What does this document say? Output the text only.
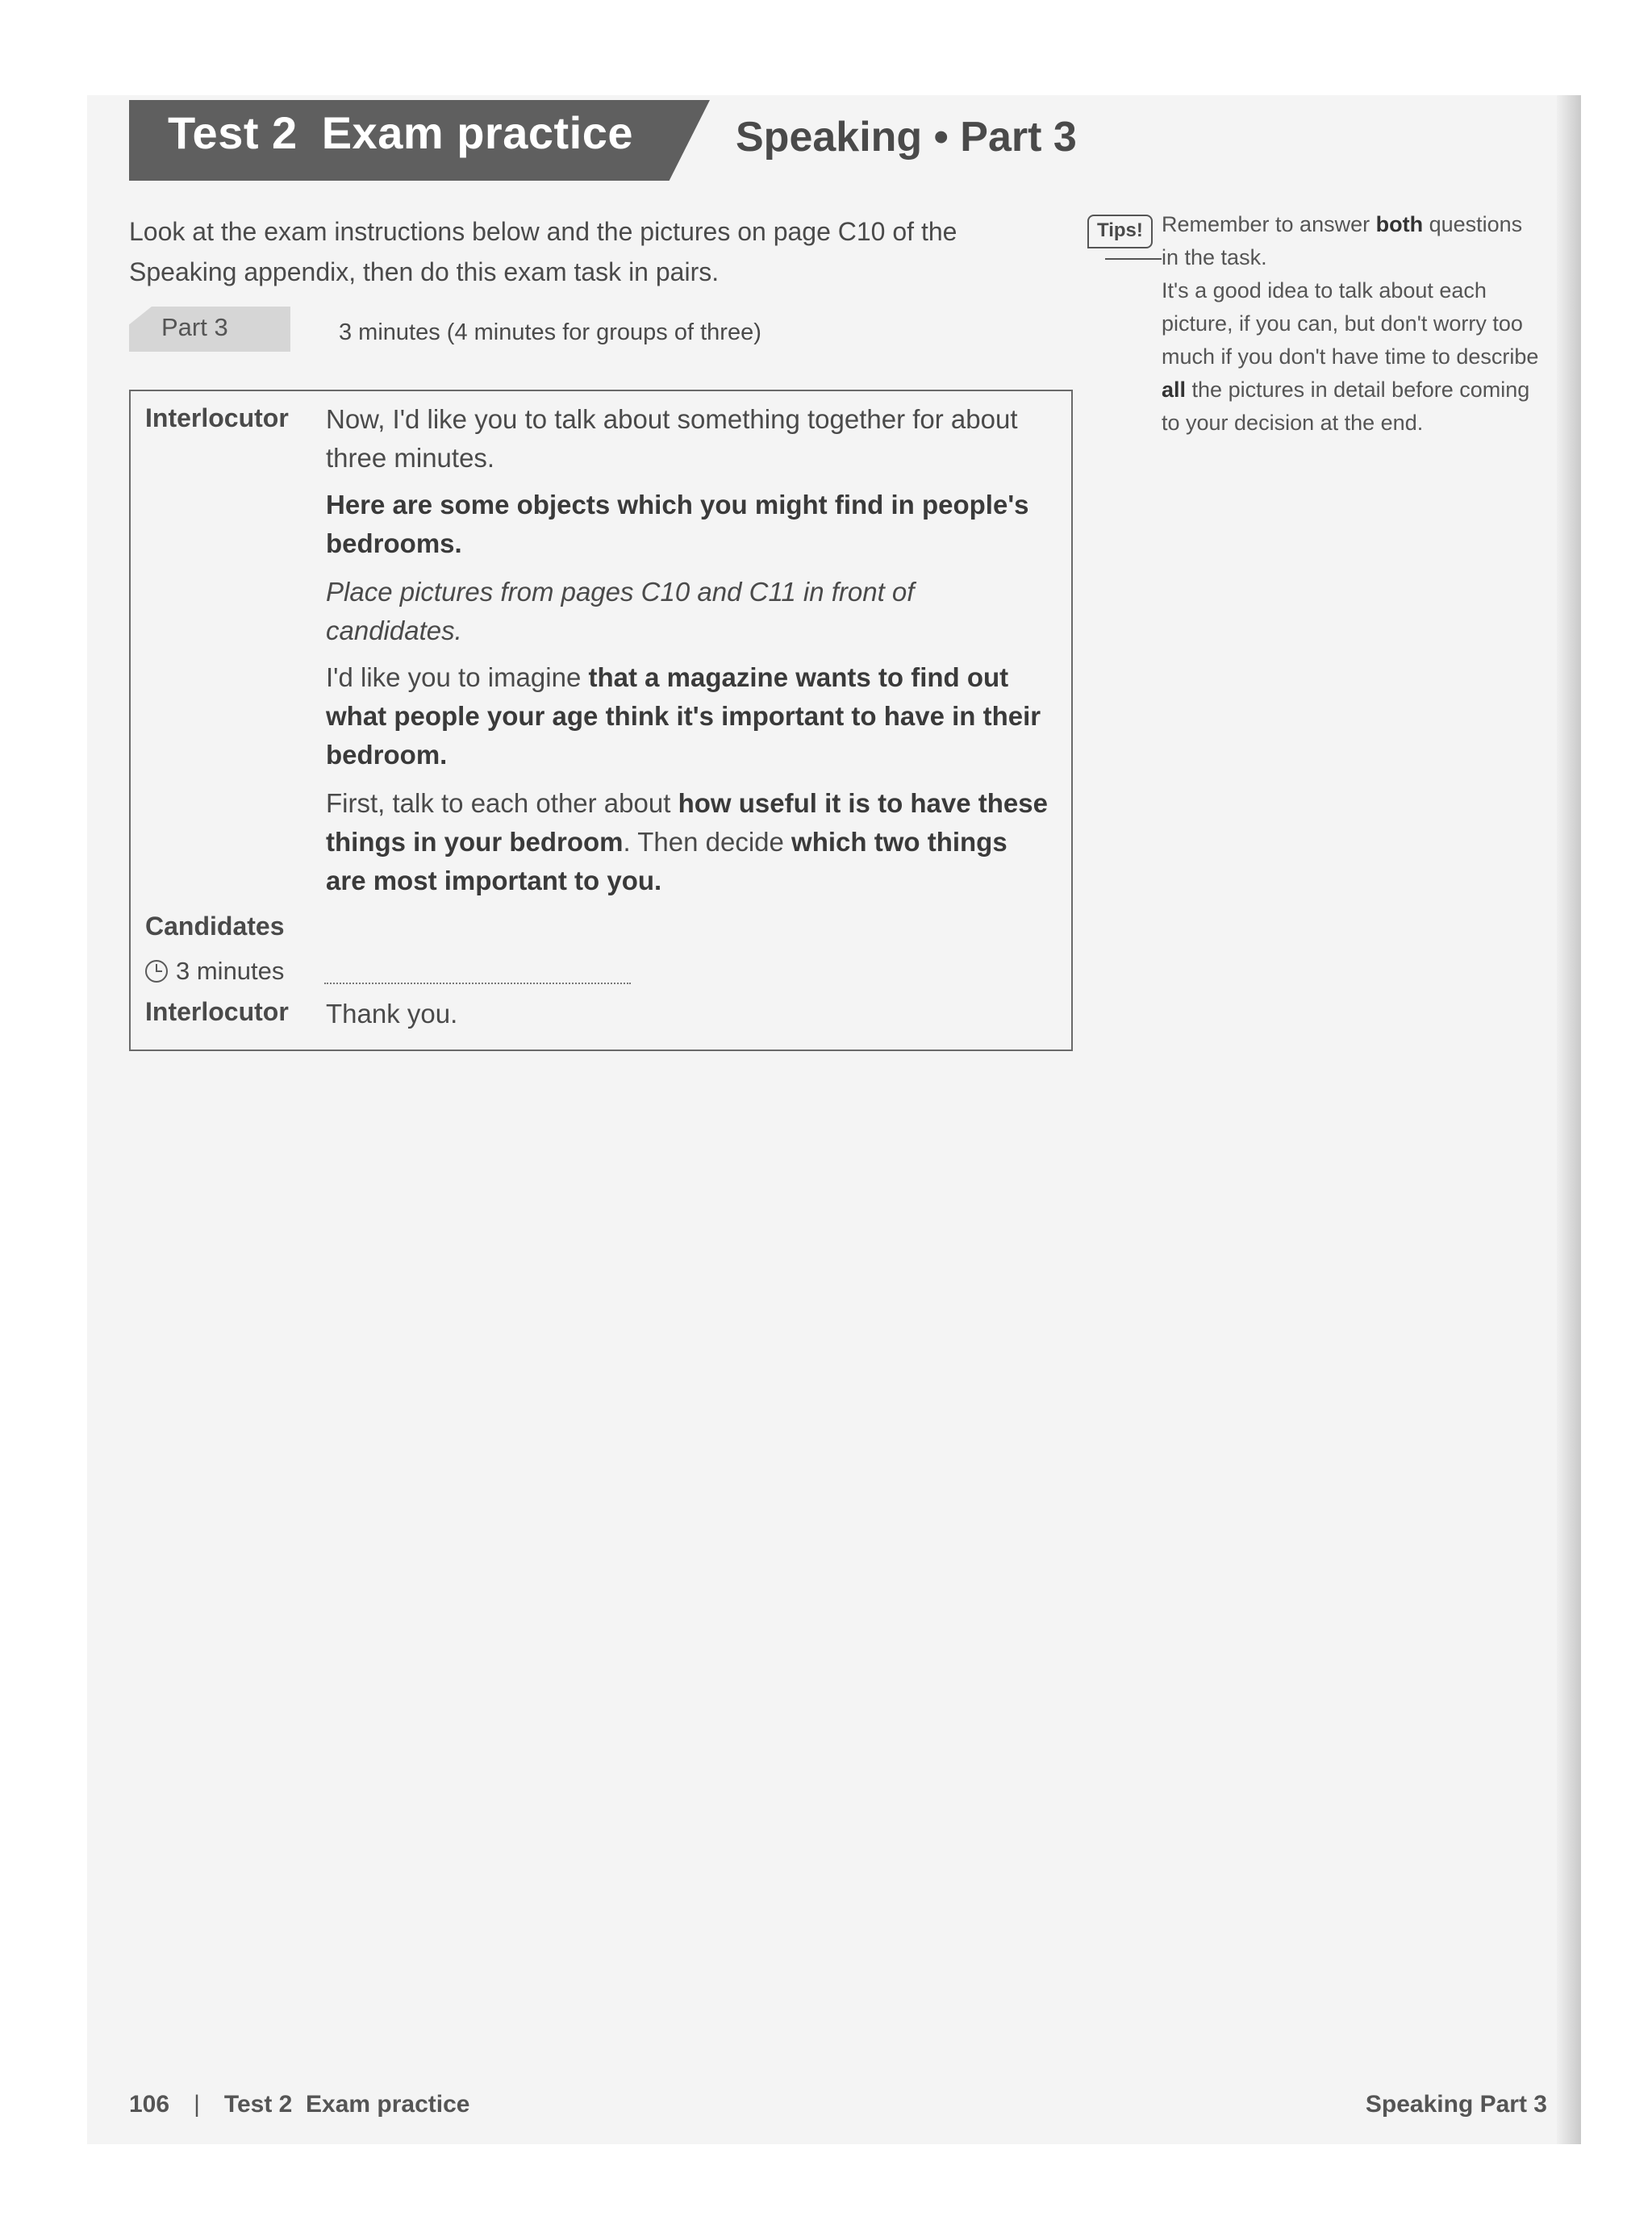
Test 2 Exam practice Speaking • Part 3
Look at the exam instructions below and the pictures on page C10 of the Speaking appendix, then do this exam task in pairs.
Part 3	3 minutes (4 minutes for groups of three)
Interlocutor Now, I'd like you to talk about something together for about three minutes.
Here are some objects which you might find in people's bedrooms.
Place pictures from pages C10 and C11 in front of candidates.
I'd like you to imagine that a magazine wants to find out what people your age think it's important to have in their bedroom.
First, talk to each other about how useful it is to have these things in your bedroom. Then decide which two things are most important to you.
Candidates
3 minutes
Interlocutor Thank you.
Tips! Remember to answer both questions in the task.
It's a good idea to talk about each picture, if you can, but don't worry too much if you don't have time to describe all the pictures in detail before coming to your decision at the end.
106 | Test 2  Exam practice	Speaking Part 3
